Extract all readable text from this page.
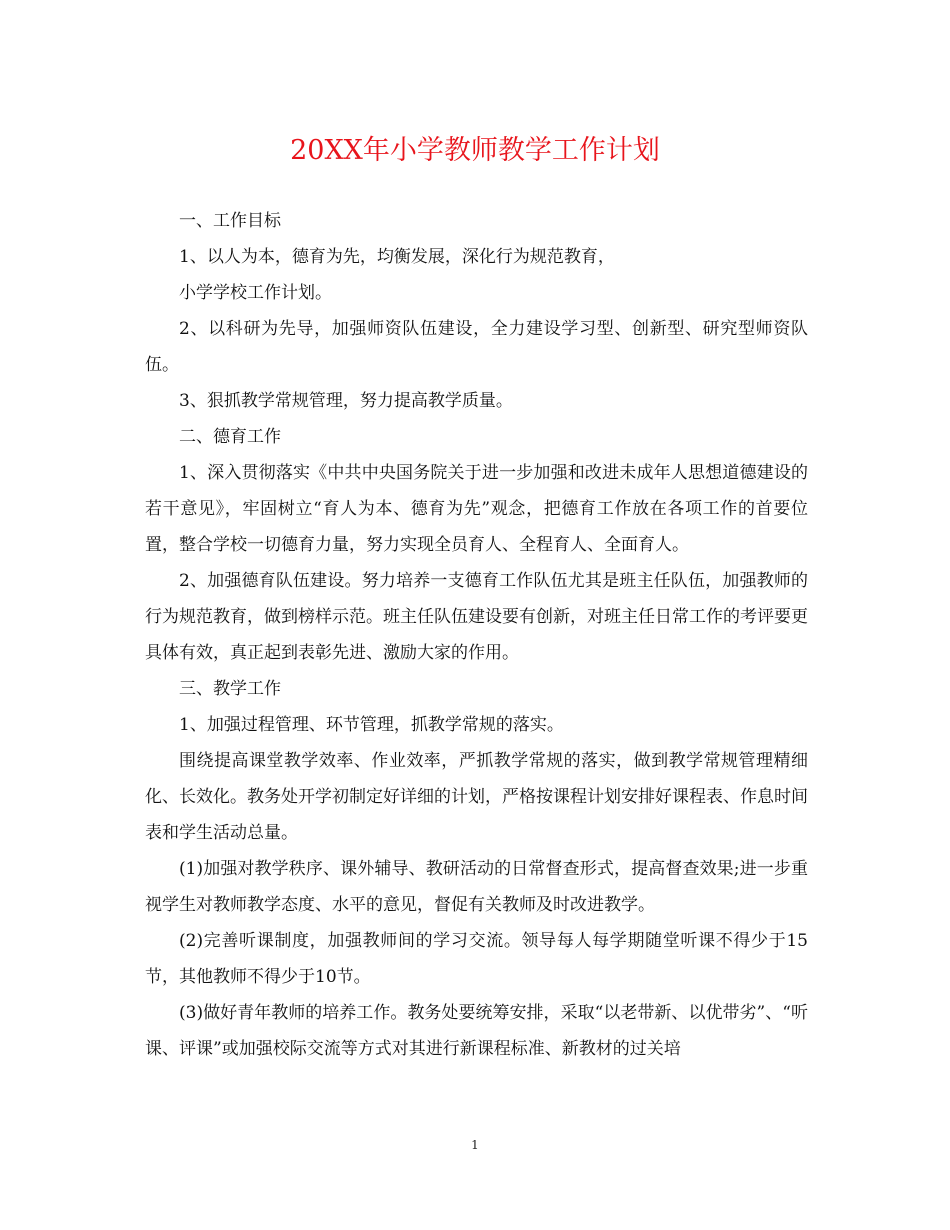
20XX年小学教师教学工作计划

一、工作目标

1、以人为本，德育为先，均衡发展，深化行为规范教育，

小学学校工作计划。

2、以科研为先导，加强师资队伍建设，全力建设学习型、创新型、研究型师资队伍。

3、狠抓教学常规管理，努力提高教学质量。

二、德育工作

1、深入贯彻落实《中共中央国务院关于进一步加强和改进未成年人思想道德建设的若干意见》，牢固树立“育人为本、德育为先”观念，把德育工作放在各项工作的首要位置，整合学校一切德育力量，努力实现全员育人、全程育人、全面育人。

2、加强德育队伍建设。努力培养一支德育工作队伍尤其是班主任队伍，加强教师的行为规范教育，做到榜样示范。班主任队伍建设要有创新，对班主任日常工作的考评要更具体有效，真正起到表彰先进、激励大家的作用。

三、教学工作

1、加强过程管理、环节管理，抓教学常规的落实。

围绕提高课堂教学效率、作业效率，严抓教学常规的落实，做到教学常规管理精细化、长效化。教务处开学初制定好详细的计划，严格按课程计划安排好课程表、作息时间表和学生活动总量。

(1)加强对教学秩序、课外辅导、教研活动的日常督查形式，提高督查效果;进一步重视学生对教师教学态度、水平的意见，督促有关教师及时改进教学。

(2)完善听课制度，加强教师间的学习交流。领导每人每学期随堂听课不得少于15节，其他教师不得少于10节。

(3)做好青年教师的培养工作。教务处要统筹安排，采取“以老带新、以优带劣”、“听课、评课”或加强校际交流等方式对其进行新课程标准、新教材的过关培

1
